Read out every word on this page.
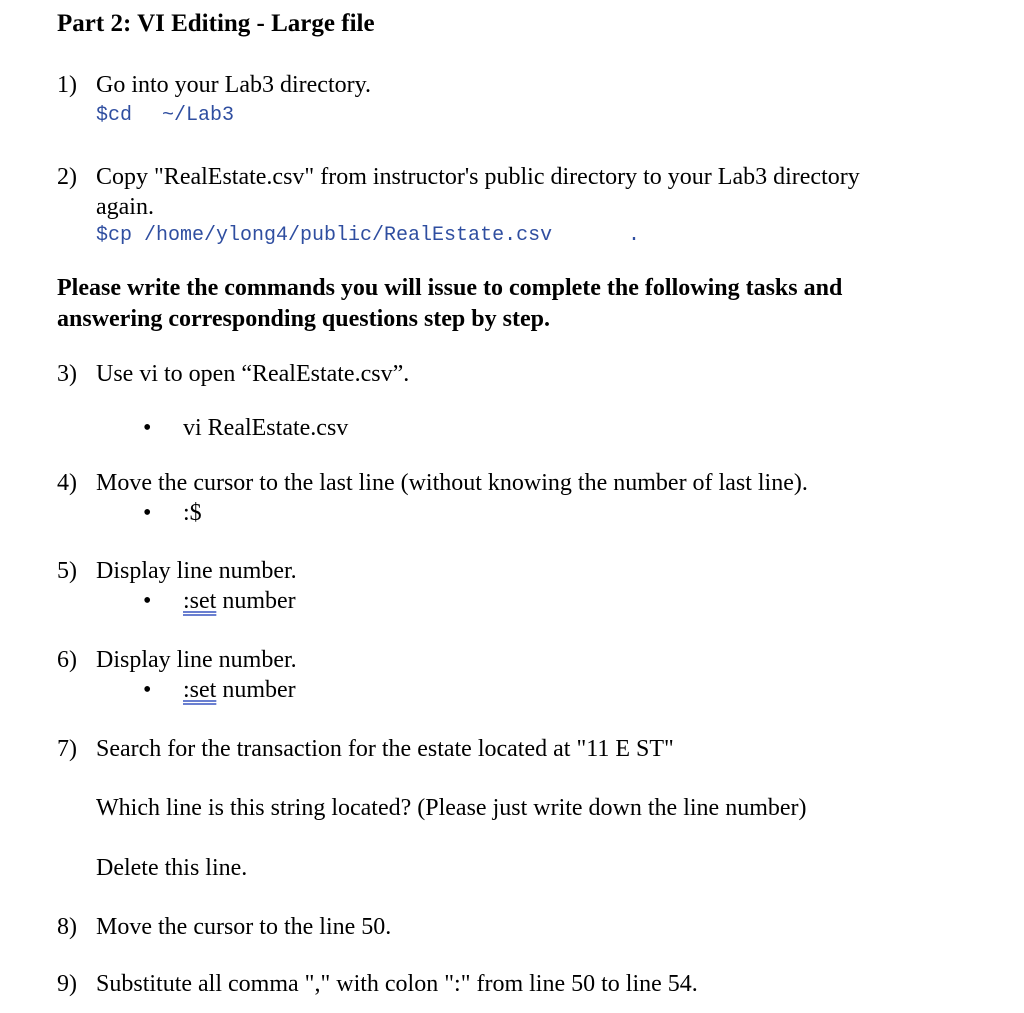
Part 2: VI Editing - Large file
1) Go into your Lab3 directory.
$cd ~/Lab3
2) Copy "RealEstate.csv" from instructor's public directory to your Lab3 directory
again.
$cp /home/ylong4/public/RealEstate.csv	.
Please write the commands you will issue to complete the following tasks and
answering corresponding questions step by step.
3) Use vi to open “RealEstate.csv”.
• vi RealEstate.csv
4) Move the cursor to the last line (without knowing the number of last line).
• :$
5) Display line number.
• :set number
6) Display line number.
• :set number
7) Search for the transaction for the estate located at "11 E ST"
Which line is this string located? (Please just write down the line number)
Delete this line.
8) Move the cursor to the line 50.
9) Substitute all comma "," with colon ":" from line 50 to line 54.
